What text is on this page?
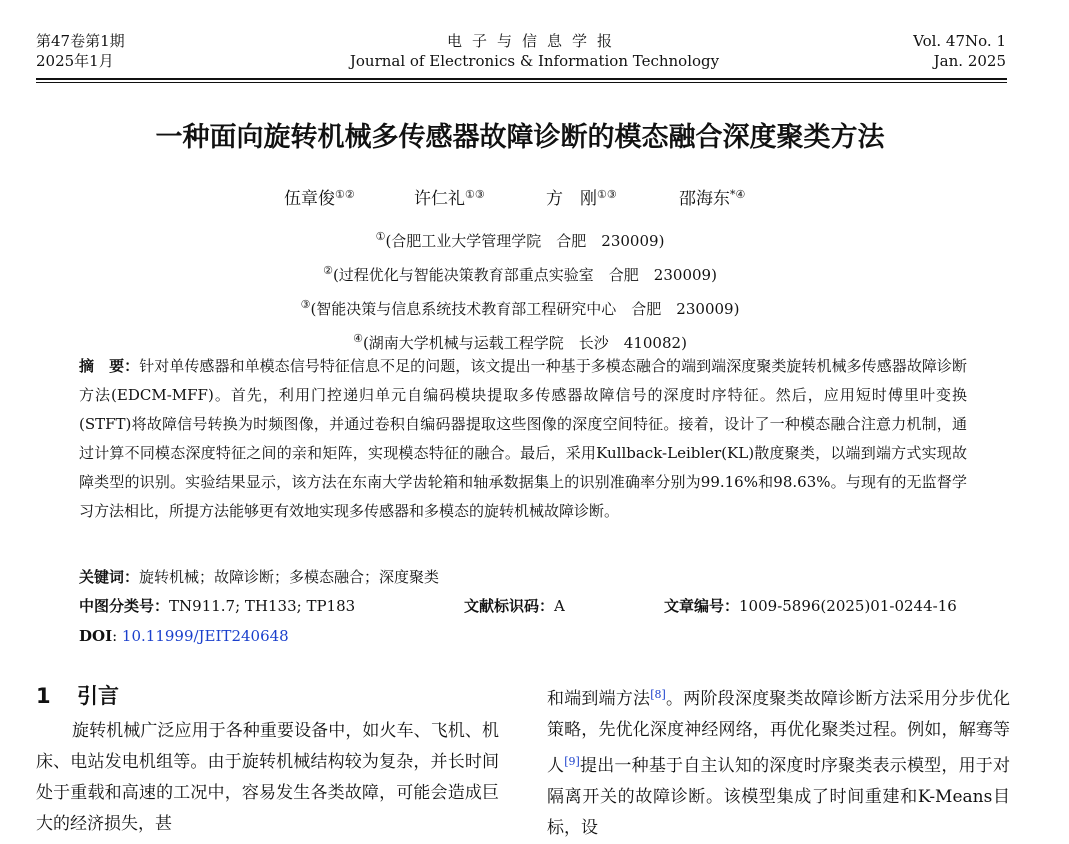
第47卷第1期
2025年1月
电子与信息学报
Journal of Electronics & Information Technology
Vol. 47No. 1
Jan. 2025
一种面向旋转机械多传感器故障诊断的模态融合深度聚类方法
伍章俊①②	许仁礼①③	方　刚①③	邵海东*④
①(合肥工业大学管理学院　合肥　230009)
②(过程优化与智能决策教育部重点实验室　合肥　230009)
③(智能决策与信息系统技术教育部工程研究中心　合肥　230009)
④(湖南大学机械与运载工程学院　长沙　410082)
摘　要：针对单传感器和单模态信号特征信息不足的问题，该文提出一种基于多模态融合的端到端深度聚类旋转机械多传感器故障诊断方法(EDCM-MFF)。首先，利用门控递归单元自编码模块提取多传感器故障信号的深度时序特征。然后，应用短时傅里叶变换(STFT)将故障信号转换为时频图像，并通过卷积自编码器提取这些图像的深度空间特征。接着，设计了一种模态融合注意力机制，通过计算不同模态深度特征之间的亲和矩阵，实现模态特征的融合。最后，采用Kullback-Leibler(KL)散度聚类，以端到端方式实现故障类型的识别。实验结果显示，该方法在东南大学齿轮箱和轴承数据集上的识别准确率分别为99.16%和98.63%。与现有的无监督学习方法相比，所提方法能够更有效地实现多传感器和多模态的旋转机械故障诊断。
关键词：旋转机械；故障诊断；多模态融合；深度聚类
中图分类号：TN911.7; TH133; TP183	文献标识码：A	文章编号：1009-5896(2025)01-0244-16
DOI: 10.11999/JEIT240648
1 引言
旋转机械广泛应用于各种重要设备中，如火车、飞机、机床、电站发电机组等。由于旋转机械结构较为复杂，并长时间处于重载和高速的工况中，容易发生各类故障，可能会造成巨大的经济损失，甚
和端到端方法[8]。两阶段深度聚类故障诊断方法采用分步优化策略，先优化深度神经网络，再优化聚类过程。例如，解骞等人[9]提出一种基于自主认知的深度时序聚类表示模型，用于对隔离开关的故障诊断。该模型集成了时间重建和K-Means目标，设
